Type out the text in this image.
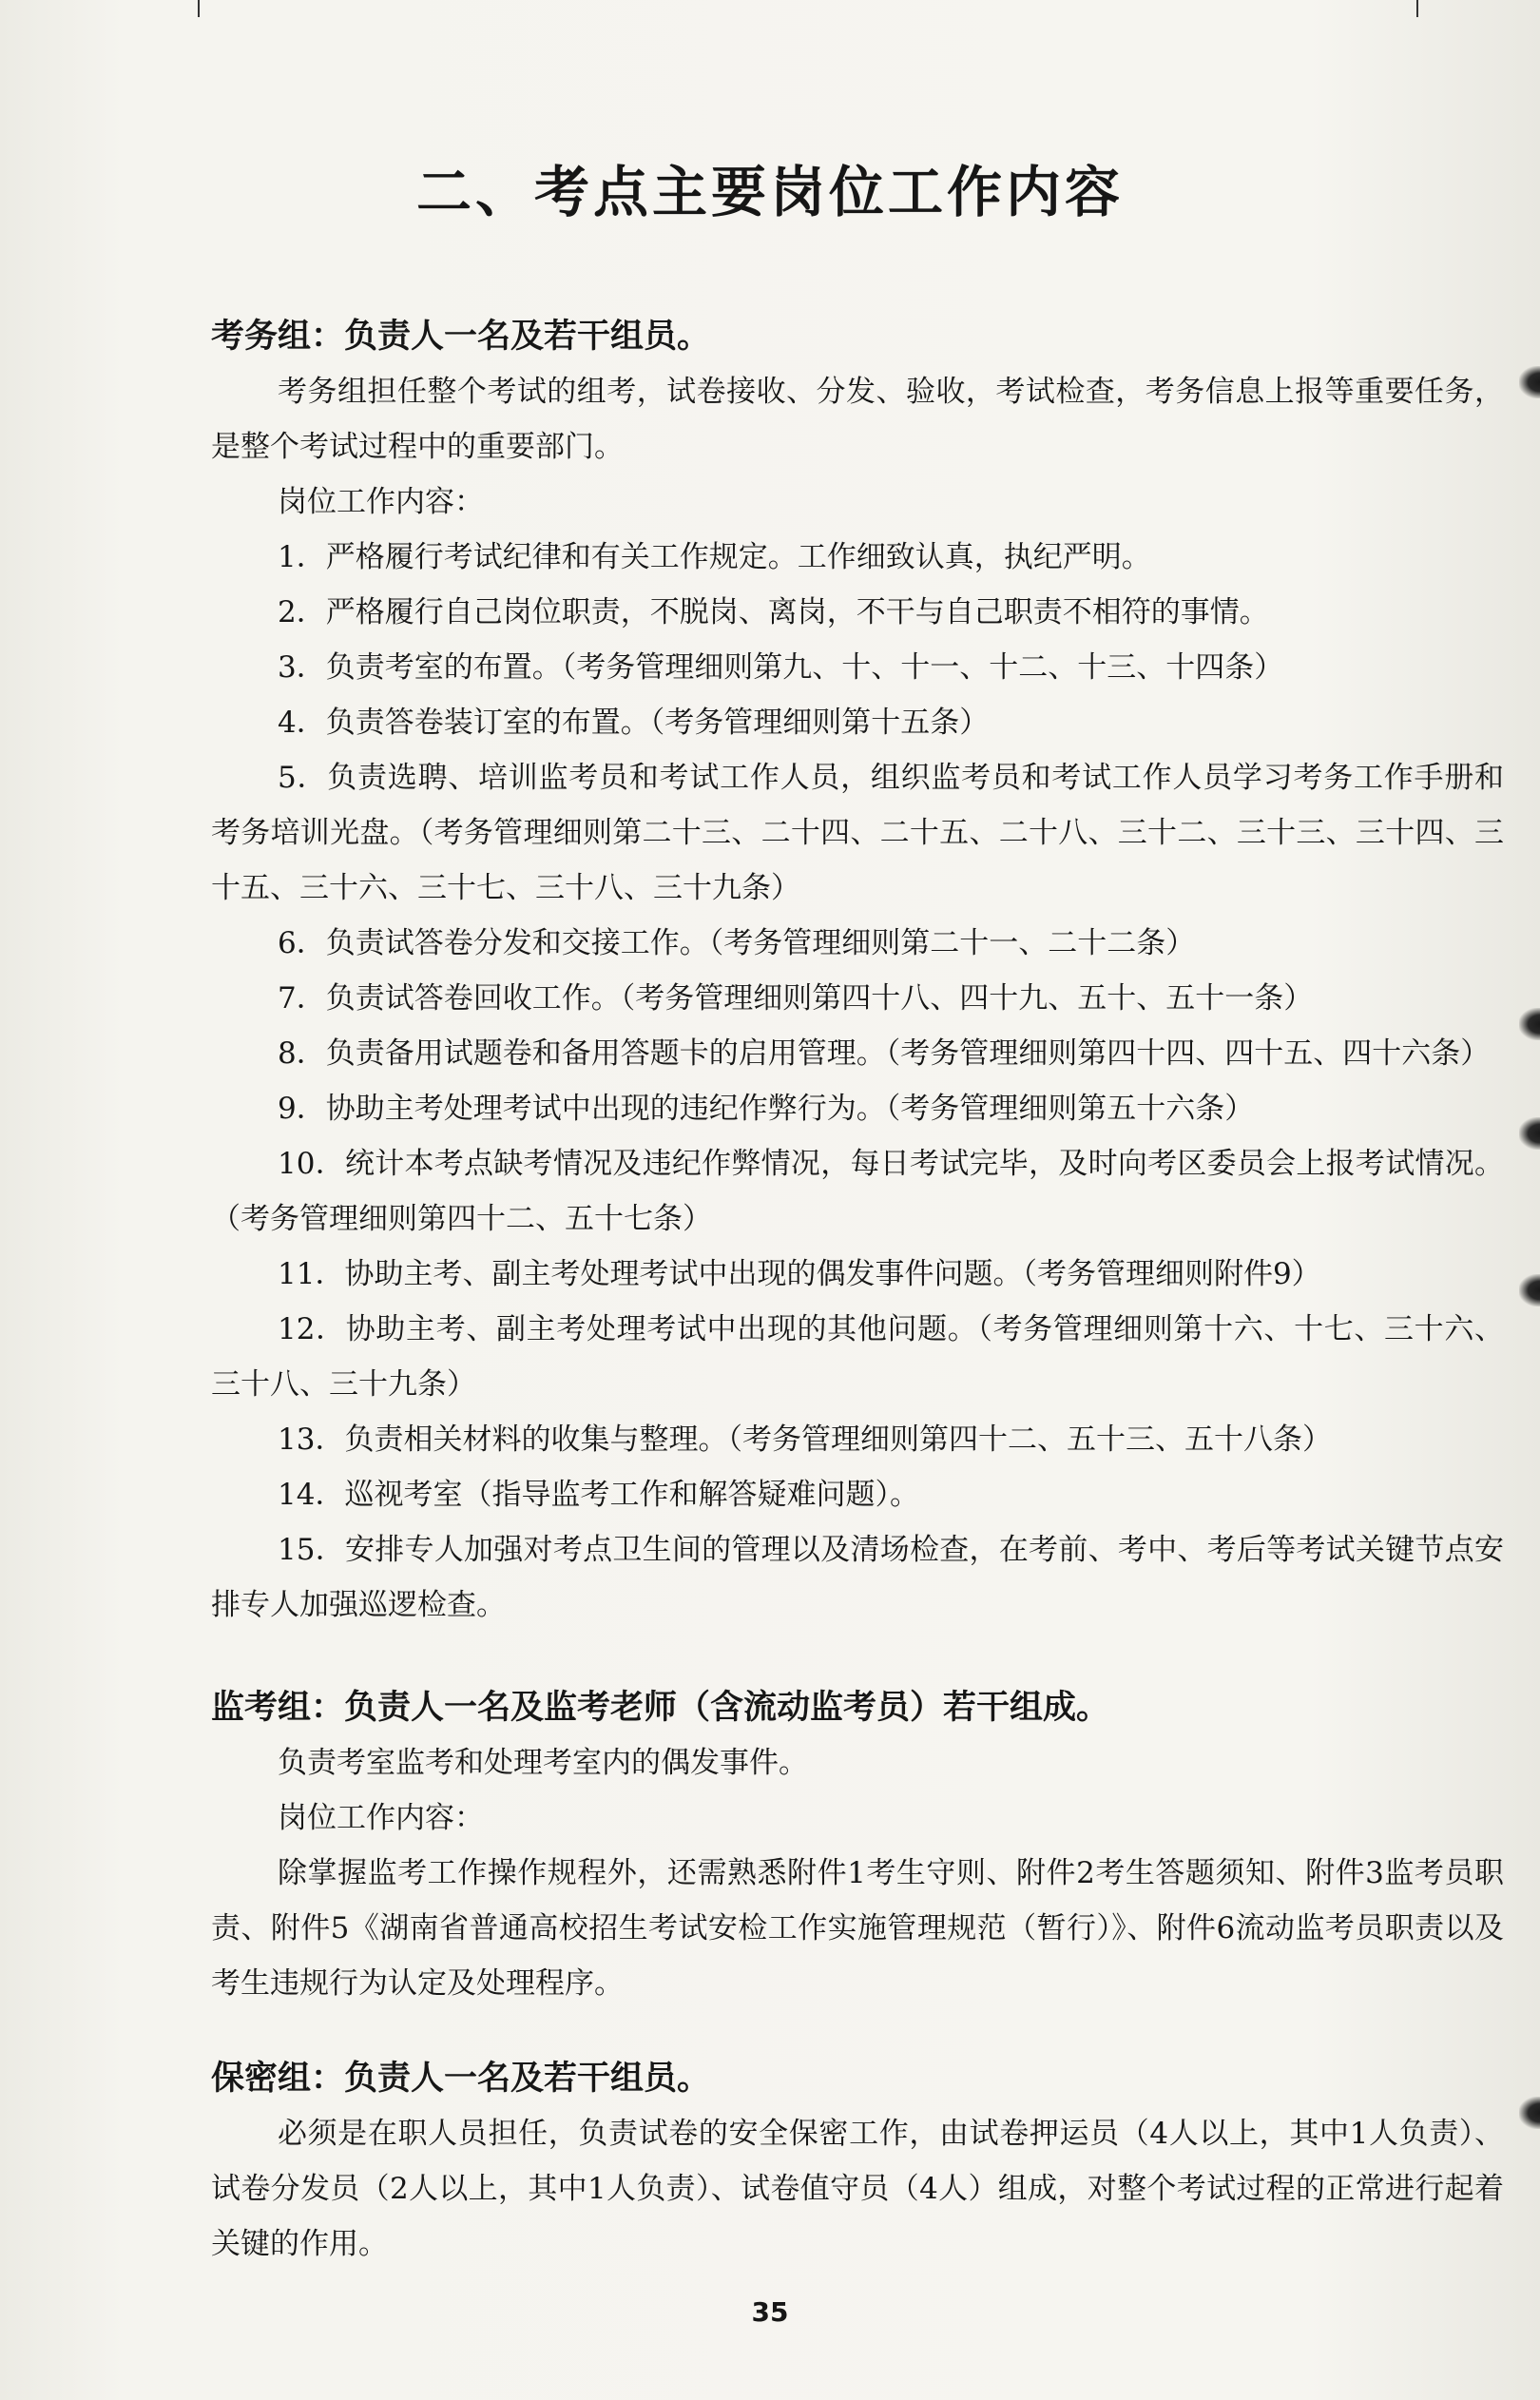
二、考点主要岗位工作内容
考务组：负责人一名及若干组员。

考务组担任整个考试的组考，试卷接收、分发、验收，考试检查，考务信息上报等重要任务，是整个考试过程中的重要部门。

岗位工作内容：

1．严格履行考试纪律和有关工作规定。工作细致认真，执纪严明。

2．严格履行自己岗位职责，不脱岗、离岗，不干与自己职责不相符的事情。

3．负责考室的布置。（考务管理细则第九、十、十一、十二、十三、十四条）

4．负责答卷装订室的布置。（考务管理细则第十五条）

5．负责选聘、培训监考员和考试工作人员，组织监考员和考试工作人员学习考务工作手册和考务培训光盘。（考务管理细则第二十三、二十四、二十五、二十八、三十二、三十三、三十四、三十五、三十六、三十七、三十八、三十九条）

6．负责试答卷分发和交接工作。（考务管理细则第二十一、二十二条）

7．负责试答卷回收工作。（考务管理细则第四十八、四十九、五十、五十一条）

8．负责备用试题卷和备用答题卡的启用管理。（考务管理细则第四十四、四十五、四十六条）

9．协助主考处理考试中出现的违纪作弊行为。（考务管理细则第五十六条）

10．统计本考点缺考情况及违纪作弊情况，每日考试完毕，及时向考区委员会上报考试情况。（考务管理细则第四十二、五十七条）

11．协助主考、副主考处理考试中出现的偶发事件问题。（考务管理细则附件9）

12．协助主考、副主考处理考试中出现的其他问题。（考务管理细则第十六、十七、三十六、三十八、三十九条）

13．负责相关材料的收集与整理。（考务管理细则第四十二、五十三、五十八条）

14．巡视考室（指导监考工作和解答疑难问题）。

15．安排专人加强对考点卫生间的管理以及清场检查，在考前、考中、考后等考试关键节点安排专人加强巡逻检查。

监考组：负责人一名及监考老师（含流动监考员）若干组成。

负责考室监考和处理考室内的偶发事件。

岗位工作内容：

除掌握监考工作操作规程外，还需熟悉附件1考生守则、附件2考生答题须知、附件3监考员职责、附件5《湖南省普通高校招生考试安检工作实施管理规范（暂行）》、附件6流动监考员职责以及考生违规行为认定及处理程序。

保密组：负责人一名及若干组员。

必须是在职人员担任，负责试卷的安全保密工作，由试卷押运员（4人以上，其中1人负责）、试卷分发员（2人以上，其中1人负责）、试卷值守员（4人）组成，对整个考试过程的正常进行起着关键的作用。

35
